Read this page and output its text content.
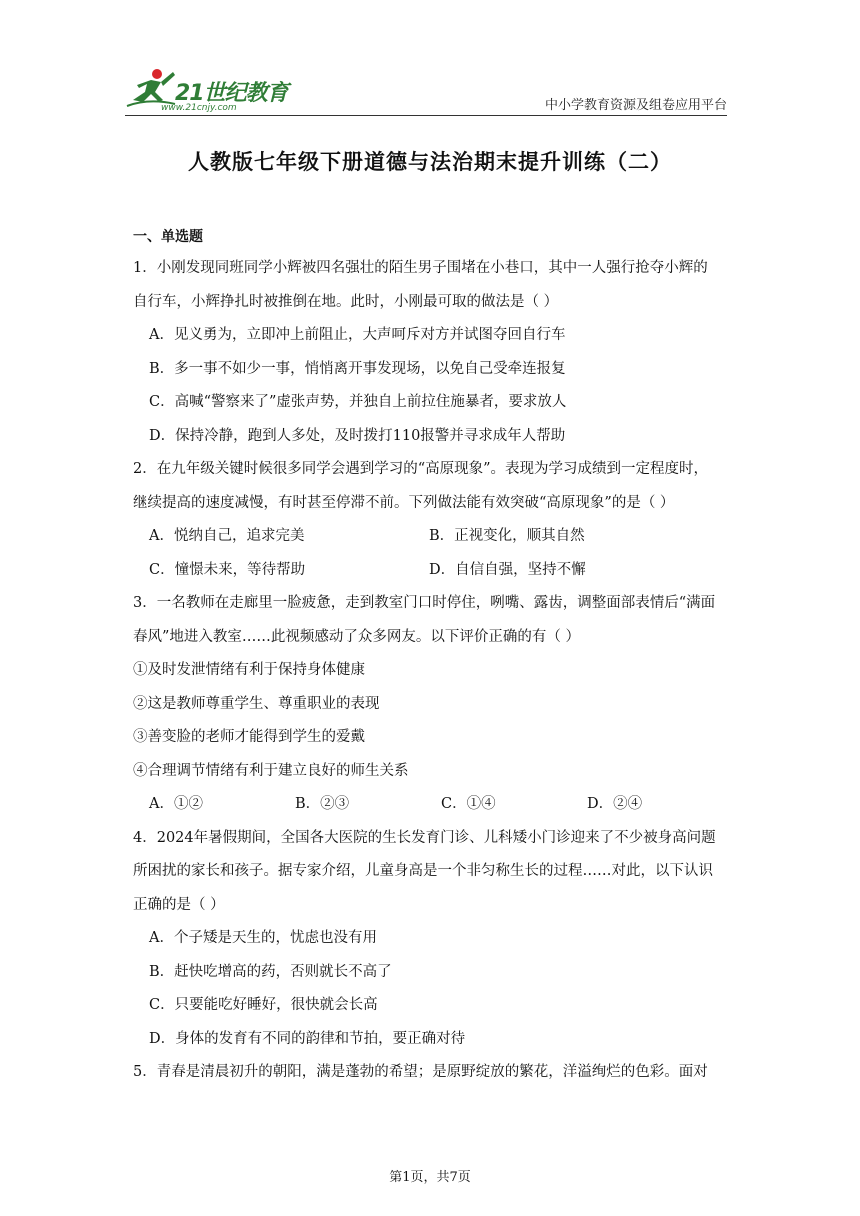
21世纪教育
www.21cnjy.com	中小学教育资源及组卷应用平台
人教版七年级下册道德与法治期末提升训练（二）
一、单选题
1．小刚发现同班同学小辉被四名强壮的陌生男子围堵在小巷口，其中一人强行抢夺小辉的
自行车，小辉挣扎时被推倒在地。此时，小刚最可取的做法是（ ）
A．见义勇为，立即冲上前阻止，大声呵斥对方并试图夺回自行车
B．多一事不如少一事，悄悄离开事发现场，以免自己受牵连报复
C．高喊“警察来了”虚张声势，并独自上前拉住施暴者，要求放人
D．保持冷静，跑到人多处，及时拨打110报警并寻求成年人帮助
2．在九年级关键时候很多同学会遇到学习的“高原现象”。表现为学习成绩到一定程度时，
继续提高的速度减慢，有时甚至停滞不前。下列做法能有效突破“高原现象”的是（ ）
A．悦纳自己，追求完美	B．正视变化，顺其自然
C．憧憬未来，等待帮助	D．自信自强，坚持不懈
3．一名教师在走廊里一脸疲惫，走到教室门口时停住，咧嘴、露齿，调整面部表情后“满面
春风”地进入教室……此视频感动了众多网友。以下评价正确的有（ ）
①及时发泄情绪有利于保持身体健康
②这是教师尊重学生、尊重职业的表现
③善变脸的老师才能得到学生的爱戴
④合理调节情绪有利于建立良好的师生关系
A．①②	B．②③	C．①④	D．②④
4．2024年暑假期间，全国各大医院的生长发育门诊、儿科矮小门诊迎来了不少被身高问题
所困扰的家长和孩子。据专家介绍，儿童身高是一个非匀称生长的过程……对此，以下认识
正确的是（ ）
A．个子矮是天生的，忧虑也没有用
B．赶快吃增高的药，否则就长不高了
C．只要能吃好睡好，很快就会长高
D．身体的发育有不同的韵律和节拍，要正确对待
5．青春是清晨初升的朝阳，满是蓬勃的希望；是原野绽放的繁花，洋溢绚烂的色彩。面对
第1页，共7页
